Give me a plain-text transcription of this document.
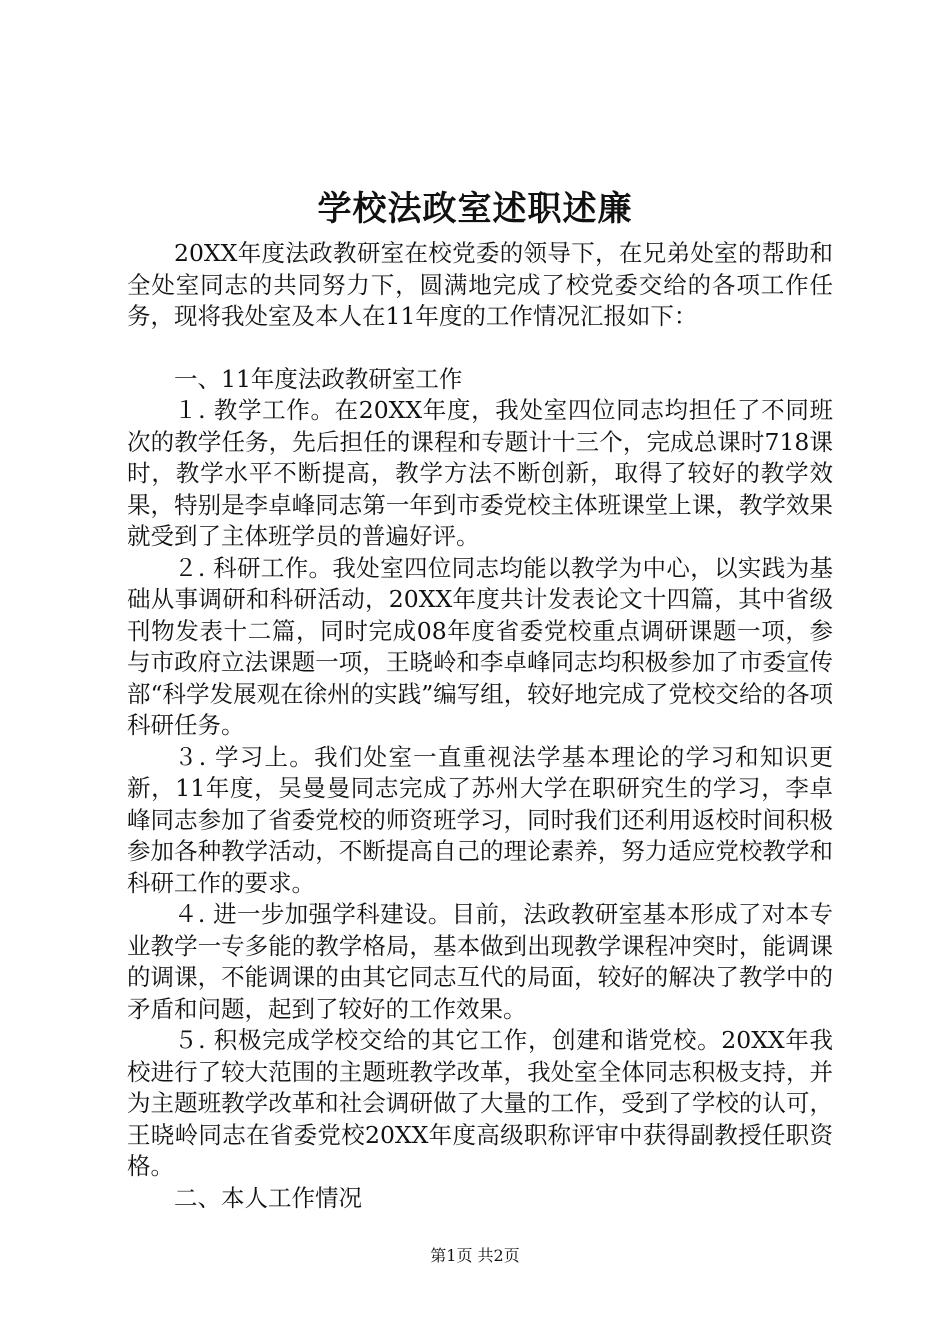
学校法政室述职述廉

20XX年度法政教研室在校党委的领导下，在兄弟处室的帮助和全处室同志的共同努力下，圆满地完成了校党委交给的各项工作任务，现将我处室及本人在11年度的工作情况汇报如下：

一、11年度法政教研室工作

１. 教学工作。在20XX年度，我处室四位同志均担任了不同班次的教学任务，先后担任的课程和专题计十三个，完成总课时718课时，教学水平不断提高，教学方法不断创新，取得了较好的教学效果，特别是李卓峰同志第一年到市委党校主体班课堂上课，教学效果就受到了主体班学员的普遍好评。

２. 科研工作。我处室四位同志均能以教学为中心，以实践为基础从事调研和科研活动，20XX年度共计发表论文十四篇，其中省级刊物发表十二篇，同时完成08年度省委党校重点调研课题一项，参与市政府立法课题一项，王晓岭和李卓峰同志均积极参加了市委宣传部“科学发展观在徐州的实践”编写组，较好地完成了党校交给的各项科研任务。

３. 学习上。我们处室一直重视法学基本理论的学习和知识更新，11年度，吴曼曼同志完成了苏州大学在职研究生的学习，李卓峰同志参加了省委党校的师资班学习，同时我们还利用返校时间积极参加各种教学活动，不断提高自己的理论素养，努力适应党校教学和科研工作的要求。

４. 进一步加强学科建设。目前，法政教研室基本形成了对本专业教学一专多能的教学格局，基本做到出现教学课程冲突时，能调课的调课，不能调课的由其它同志互代的局面，较好的解决了教学中的矛盾和问题，起到了较好的工作效果。

５. 积极完成学校交给的其它工作，创建和谐党校。20XX年我校进行了较大范围的主题班教学改革，我处室全体同志积极支持，并为主题班教学改革和社会调研做了大量的工作，受到了学校的认可，王晓岭同志在省委党校20XX年度高级职称评审中获得副教授任职资格。

二、本人工作情况

第1页 共2页
